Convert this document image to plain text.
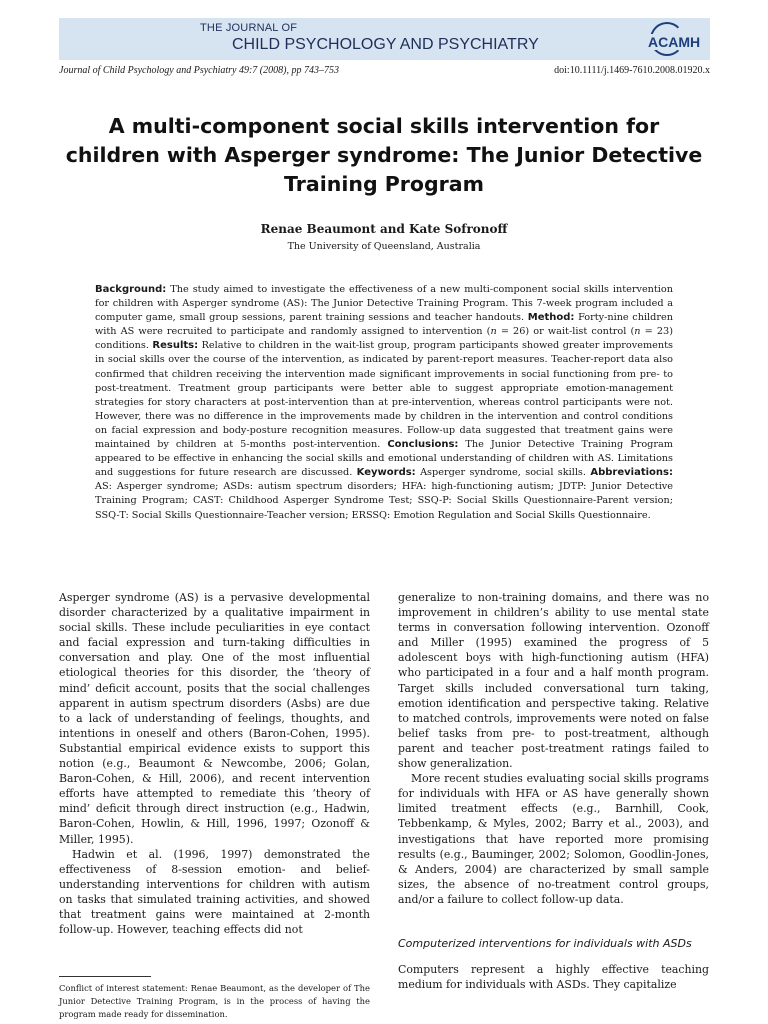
THE JOURNAL OF
CHILD PSYCHOLOGY AND PSYCHIATRY	ACAMH
Journal of Child Psychology and Psychiatry 49:7 (2008), pp 743–753	doi:10.1111/j.1469-7610.2008.01920.x
A multi-component social skills intervention for children with Asperger syndrome: The Junior Detective Training Program
Renae Beaumont and Kate Sofronoff
The University of Queensland, Australia

Background: The study aimed to investigate the effectiveness of a new multi-component social skills intervention for children with Asperger syndrome (AS): The Junior Detective Training Program. This 7-week program included a computer game, small group sessions, parent training sessions and teacher handouts. Method: Forty-nine children with AS were recruited to participate and randomly assigned to intervention (n = 26) or wait-list control (n = 23) conditions. Results: Relative to children in the wait-list group, program participants showed greater improvements in social skills over the course of the intervention, as indicated by parent-report measures. Teacher-report data also confirmed that children receiving the intervention made significant improvements in social functioning from pre- to post-treatment. Treatment group participants were better able to suggest appropriate emotion-management strategies for story characters at post-intervention than at pre-intervention, whereas control participants were not. However, there was no difference in the improvements made by children in the intervention and control conditions on facial expression and body-posture recognition measures. Follow-up data suggested that treatment gains were maintained by children at 5-months post-intervention. Conclusions: The Junior Detective Training Program appeared to be effective in enhancing the social skills and emotional understanding of children with AS. Limitations and suggestions for future research are discussed. Keywords: Asperger syndrome, social skills. Abbreviations: AS: Asperger syndrome; ASDs: autism spectrum disorders; HFA: high-functioning autism; JDTP: Junior Detective Training Program; CAST: Childhood Asperger Syndrome Test; SSQ-P: Social Skills Questionnaire-Parent version; SSQ-T: Social Skills Questionnaire-Teacher version; ERSSQ: Emotion Regulation and Social Skills Questionnaire.

Asperger syndrome (AS) is a pervasive developmental disorder characterized by a qualitative impairment in social skills. These include peculiarities in eye contact and facial expression and turn-taking difficulties in conversation and play. One of the most influential etiological theories for this disorder, the ‘theory of mind’ deficit account, posits that the social challenges apparent in autism spectrum disorders (Asbs) are due to a lack of understanding of feelings, thoughts, and intentions in oneself and others (Baron-Cohen, 1995). Substantial empirical evidence exists to support this notion (e.g., Beaumont & Newcombe, 2006; Golan, Baron-Cohen, & Hill, 2006), and recent intervention efforts have attempted to remediate this ‘theory of mind’ deficit through direct instruction (e.g., Hadwin, Baron-Cohen, Howlin, & Hill, 1996, 1997; Ozonoff & Miller, 1995).

Hadwin et al. (1996, 1997) demonstrated the effectiveness of 8-session emotion- and belief-understanding interventions for children with autism on tasks that simulated training activities, and showed that treatment gains were maintained at 2-month follow-up. However, teaching effects did not

generalize to non-training domains, and there was no improvement in children’s ability to use mental state terms in conversation following intervention. Ozonoff and Miller (1995) examined the progress of 5 adolescent boys with high-functioning autism (HFA) who participated in a four and a half month program. Target skills included conversational turn taking, emotion identification and perspective taking. Relative to matched controls, improvements were noted on false belief tasks from pre- to post-treatment, although parent and teacher post-treatment ratings failed to show generalization.

More recent studies evaluating social skills programs for individuals with HFA or AS have generally shown limited treatment effects (e.g., Barnhill, Cook, Tebbenkamp, & Myles, 2002; Barry et al., 2003), and investigations that have reported more promising results (e.g., Bauminger, 2002; Solomon, Goodlin-Jones, & Anders, 2004) are characterized by small sample sizes, the absence of no-treatment control groups, and/or a failure to collect follow-up data.

Computerized interventions for individuals with ASDs

Computers represent a highly effective teaching medium for individuals with ASDs. They capitalize

Conflict of interest statement: Renae Beaumont, as the developer of The Junior Detective Training Program, is in the process of having the program made ready for dissemination.
